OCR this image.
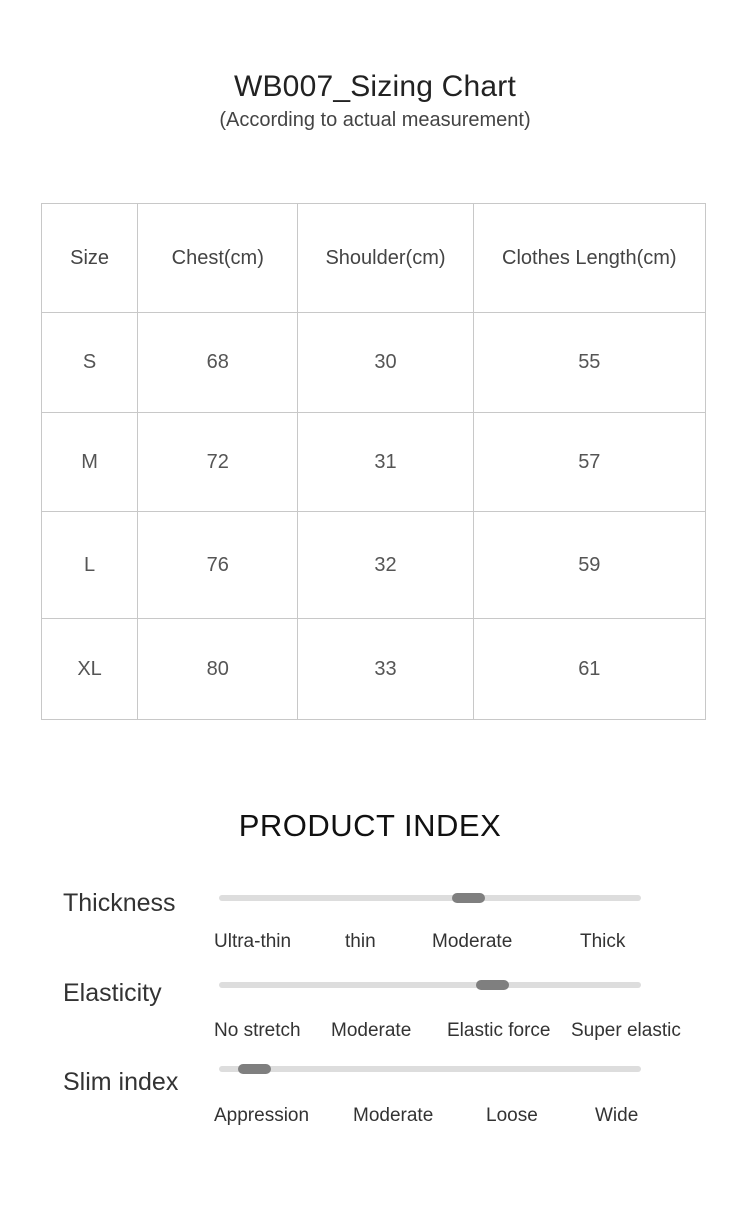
WB007_Sizing Chart
(According to actual measurement)
Size	Chest(cm)	Shoulder(cm)	Clothes Length(cm)
S	68	30	55
M	72	31	57
L	76	32	59
XL	80	33	61
PRODUCT INDEX
Thickness
Ultra-thin	thin	Moderate	Thick
Elasticity
No stretch Moderate Elastic force Super elastic
Slim index
Appression Moderate	Loose	Wide
